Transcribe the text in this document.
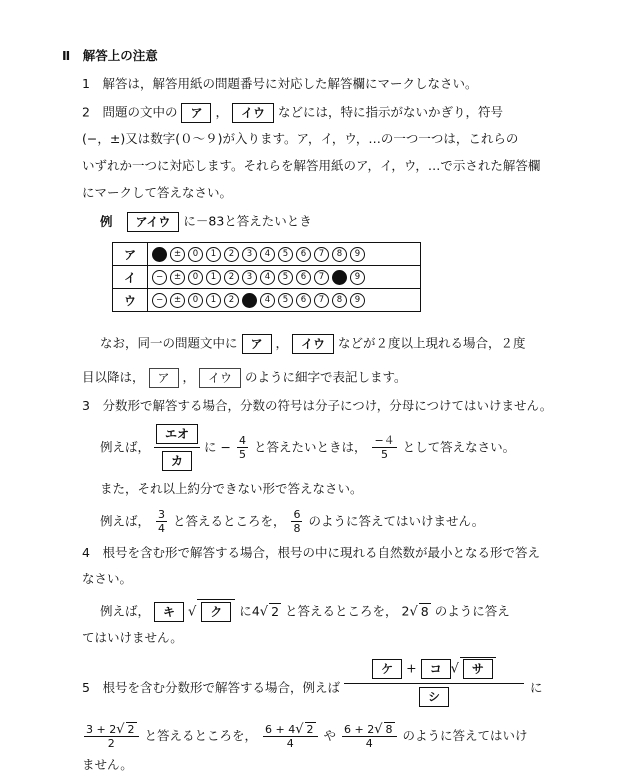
Ⅱ　解答上の注意
1　解答は，解答用紙の問題番号に対応した解答欄にマークしなさい。
2　問題の文中の ア ， イウ などには，特に指示がないかぎり，符号
(−，±)又は数字(０～９)が入ります。ア，イ，ウ，…の一つ一つは，これらの
いずれか一つに対応します。それらを解答用紙のア，イ，ウ，…で示された解答欄
にマークして答えなさい。
例 アイウ に－83と答えたいとき
ア	− ± 0 1 2 3 4 5 6 7 8 9
イ	− ± 0 1 2 3 4 5 6 7 8 9
ウ	− ± 0 1 2 3 4 5 6 7 8 9
なお，同一の問題文中に ア ， イウ などが２度以上現れる場合，２度
目以降は， ア ， イウ のように細字で表記します。
3　分数形で解答する場合，分数の符号は分子につけ，分母につけてはいけません。
例えば，
エオ
カ
に − $\frac{4}{5}$ と答えたいときは， $\frac{-4}{5}$ として答えなさい。
また，それ以上約分できない形で答えなさい。
例えば， $\frac{3}{4}$ と答えるところを， $\frac{6}{8}$ のように答えてはいけません。
4　根号を含む形で解答する場合，根号の中に現れる自然数が最小となる形で答え
なさい。
例えば， キ √ ク に4√ 2 と答えるところを， 2√ 8 のように答え
てはいけません。
5　根号を含む分数形で解答する場合，例えば
ケ + コ √ サ
シ
に
$\frac{3 + 2√ 2}{2}$ と答えるところを， $\frac{6 + 4√ 2}{4}$ や $\frac{6 + 2√ 8}{4}$ のように答えてはいけ
ません。
